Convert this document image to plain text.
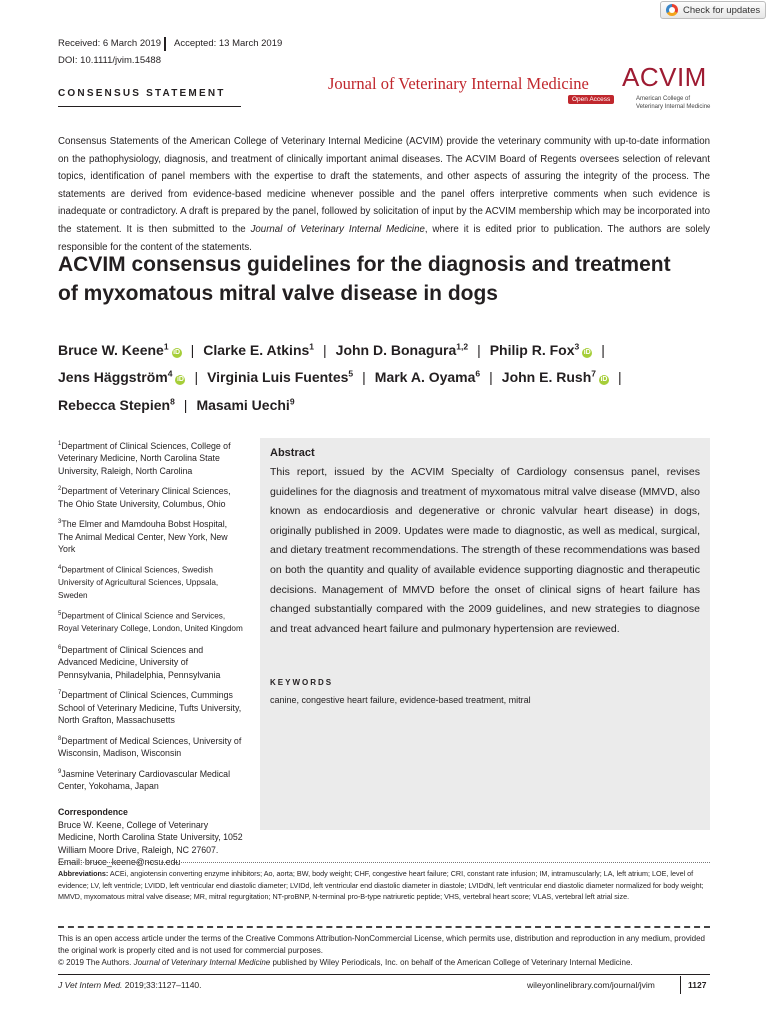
Check for updates
Received: 6 March 2019 Accepted: 13 March 2019
DOI: 10.1111/jvim.15488
CONSENSUS STATEMENT
Journal of Veterinary Internal Medicine
Open Access
ACVIM
American College of
Veterinary Internal Medicine
Consensus Statements of the American College of Veterinary Internal Medicine (ACVIM) provide the veterinary community with up-to-date information on the pathophysiology, diagnosis, and treatment of clinically important animal diseases. The ACVIM Board of Regents oversees selection of relevant topics, identification of panel members with the expertise to draft the statements, and other aspects of assuring the integrity of the process. The statements are derived from evidence-based medicine whenever possible and the panel offers interpretive comments when such evidence is inadequate or contradictory. A draft is prepared by the panel, followed by solicitation of input by the ACVIM membership which may be incorporated into the statement. It is then submitted to the Journal of Veterinary Internal Medicine, where it is edited prior to publication. The authors are solely responsible for the content of the statements.
ACVIM consensus guidelines for the diagnosis and treatment
of myxomatous mitral valve disease in dogs
Bruce W. Keene$^1$iD | Clarke E. Atkins$^1$ | John D. Bonagura$^{1,2}$ | Philip R. Fox$^3$iD |
Jens Häggström$^4$iD | Virginia Luis Fuentes$^5$ | Mark A. Oyama$^6$ | John E. Rush$^7$iD |
Rebecca Stepien$^8$ | Masami Uechi$^9$
$^1$Department of Clinical Sciences, College of Veterinary Medicine, North Carolina State University, Raleigh, North Carolina
$^2$Department of Veterinary Clinical Sciences, The Ohio State University, Columbus, Ohio
$^3$The Elmer and Mamdouha Bobst Hospital, The Animal Medical Center, New York, New York
$^4$Department of Clinical Sciences, Swedish University of Agricultural Sciences, Uppsala, Sweden
$^5$Department of Clinical Science and Services, Royal Veterinary College, London, United Kingdom
$^6$Department of Clinical Sciences and Advanced Medicine, University of Pennsylvania, Philadelphia, Pennsylvania
$^7$Department of Clinical Sciences, Cummings School of Veterinary Medicine, Tufts University, North Grafton, Massachusetts
$^8$Department of Medical Sciences, University of Wisconsin, Madison, Wisconsin
$^9$Jasmine Veterinary Cardiovascular Medical Center, Yokohama, Japan
Correspondence
Bruce W. Keene, College of Veterinary Medicine, North Carolina State University, 1052 William Moore Drive, Raleigh, NC 27607.
Email: bruce_keene@ncsu.edu
Abstract
This report, issued by the ACVIM Specialty of Cardiology consensus panel, revises guidelines for the diagnosis and treatment of myxomatous mitral valve disease (MMVD, also known as endocardiosis and degenerative or chronic valvular heart disease) in dogs, originally published in 2009. Updates were made to diagnostic, as well as medical, surgical, and dietary treatment recommendations. The strength of these recommendations was based on both the quantity and quality of available evidence supporting diagnostic and therapeutic decisions. Management of MMVD before the onset of clinical signs of heart failure has changed substantially compared with the 2009 guidelines, and new strategies to diagnose and treat advanced heart failure and pulmonary hypertension are reviewed.
KEYWORDS
canine, congestive heart failure, evidence-based treatment, mitral
Abbreviations: ACEi, angiotensin converting enzyme inhibitors; Ao, aorta; BW, body weight; CHF, congestive heart failure; CRI, constant rate infusion; IM, intramuscularly; LA, left atrium; LOE, level of evidence; LV, left ventricle; LVIDD, left ventricular end diastolic diameter; LVIDd, left ventricular end diastolic diameter in diastole; LVIDdN, left ventricular end diastolic diameter normalized for body weight; MMVD, myxomatous mitral valve disease; MR, mitral regurgitation; NT-proBNP, N-terminal pro-B-type natriuretic peptide; VHS, vertebral heart score; VLAS, vertebral left atrial size.
This is an open access article under the terms of the Creative Commons Attribution-NonCommercial License, which permits use, distribution and reproduction in any medium, provided the original work is properly cited and is not used for commercial purposes.
© 2019 The Authors. Journal of Veterinary Internal Medicine published by Wiley Periodicals, Inc. on behalf of the American College of Veterinary Internal Medicine.
J Vet Intern Med. 2019;33:1127–1140.	wileyonlinelibrary.com/journal/jvim	1127
